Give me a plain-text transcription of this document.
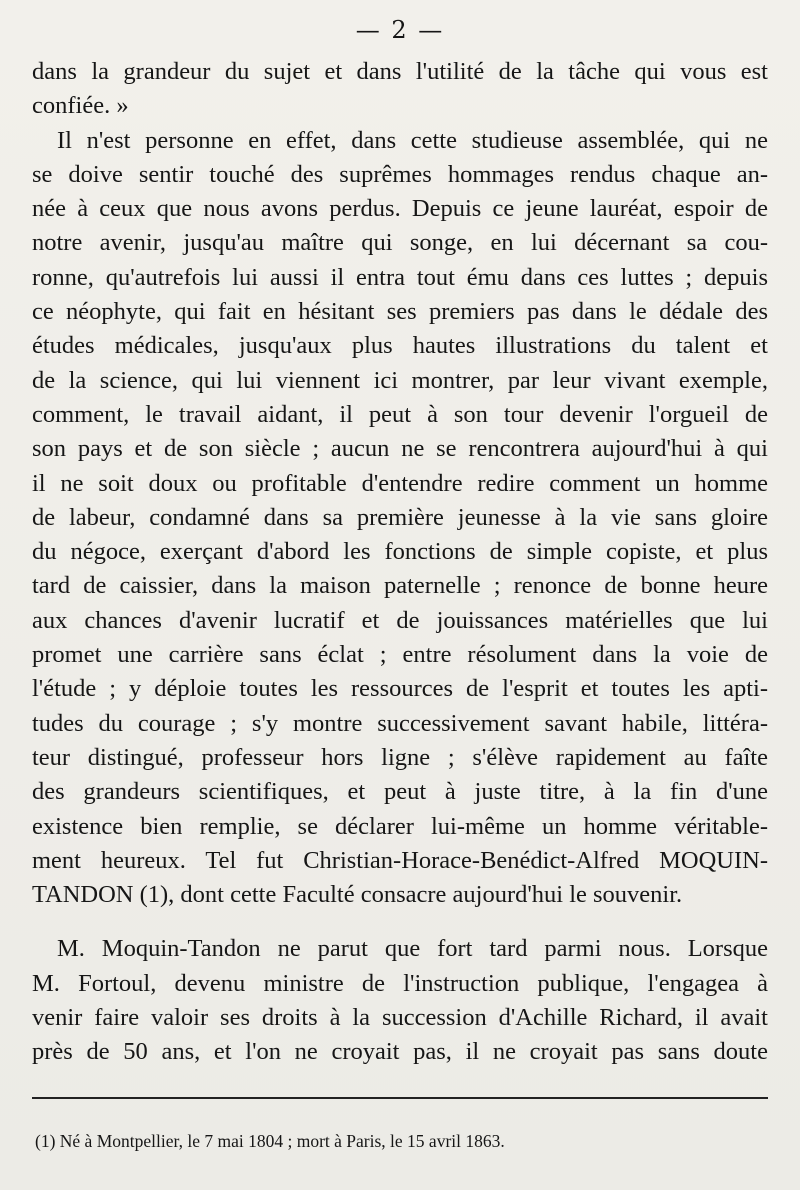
— 2 —
dans la grandeur du sujet et dans l'utilité de la tâche qui vous est
confiée. »
Il n'est personne en effet, dans cette studieuse assemblée, qui ne
se doive sentir touché des suprêmes hommages rendus chaque an-
née à ceux que nous avons perdus. Depuis ce jeune lauréat, espoir de
notre avenir, jusqu'au maître qui songe, en lui décernant sa cou-
ronne, qu'autrefois lui aussi il entra tout ému dans ces luttes ; depuis
ce néophyte, qui fait en hésitant ses premiers pas dans le dédale des
études médicales, jusqu'aux plus hautes illustrations du talent et
de la science, qui lui viennent ici montrer, par leur vivant exemple,
comment, le travail aidant, il peut à son tour devenir l'orgueil de
son pays et de son siècle ; aucun ne se rencontrera aujourd'hui à qui
il ne soit doux ou profitable d'entendre redire comment un homme
de labeur, condamné dans sa première jeunesse à la vie sans gloire
du négoce, exerçant d'abord les fonctions de simple copiste, et plus
tard de caissier, dans la maison paternelle ; renonce de bonne heure
aux chances d'avenir lucratif et de jouissances matérielles que lui
promet une carrière sans éclat ; entre résolument dans la voie de
l'étude ; y déploie toutes les ressources de l'esprit et toutes les apti-
tudes du courage ; s'y montre successivement savant habile, littéra-
teur distingué, professeur hors ligne ; s'élève rapidement au faîte
des grandeurs scientifiques, et peut à juste titre, à la fin d'une
existence bien remplie, se déclarer lui-même un homme véritable-
ment heureux. Tel fut Christian-Horace-Benédict-Alfred MOQUIN-
TANDON (1), dont cette Faculté consacre aujourd'hui le souvenir.
M. Moquin-Tandon ne parut que fort tard parmi nous. Lorsque
M. Fortoul, devenu ministre de l'instruction publique, l'engagea à
venir faire valoir ses droits à la succession d'Achille Richard, il avait
près de 50 ans, et l'on ne croyait pas, il ne croyait pas sans doute
(1) Né à Montpellier, le 7 mai 1804 ; mort à Paris, le 15 avril 1863.
